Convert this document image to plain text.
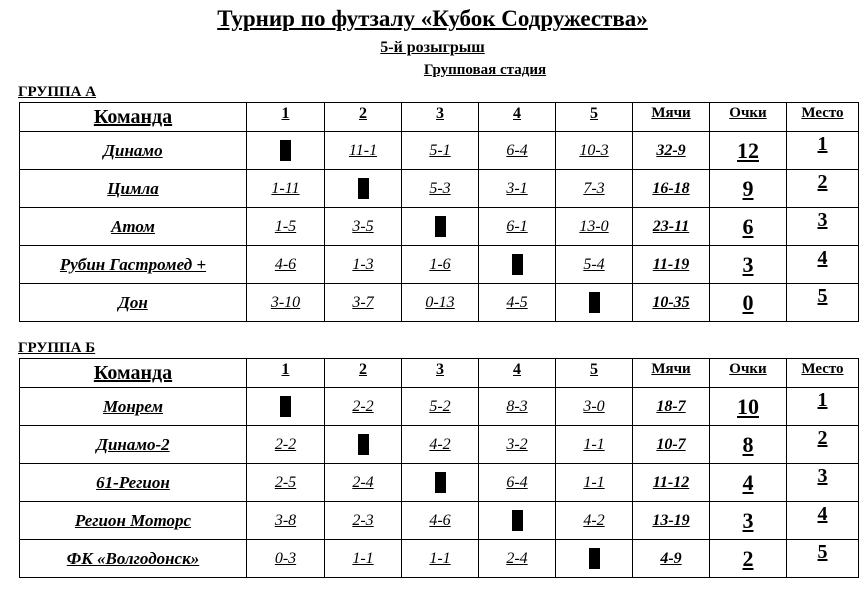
Турнир по футзалу «Кубок Содружества»
5-й розыгрыш
Групповая стадия
ГРУППА А
Команда	1	2	3	4	5	Мячи	Очки	Место
Динамо		11-1	5-1	6-4	10-3	32-9	12	1
Цимла	1-11		5-3	3-1	7-3	16-18	9	2
Атом	1-5	3-5		6-1	13-0	23-11	6	3
Рубин Гастромед +	4-6	1-3	1-6		5-4	11-19	3	4
Дон	3-10	3-7	0-13	4-5		10-35	0	5
ГРУППА Б
Команда	1	2	3	4	5	Мячи	Очки	Место
Монрем		2-2	5-2	8-3	3-0	18-7	10	1
Динамо-2	2-2		4-2	3-2	1-1	10-7	8	2
61-Регион	2-5	2-4		6-4	1-1	11-12	4	3
Регион Моторс	3-8	2-3	4-6		4-2	13-19	3	4
ФК «Волгодонск»	0-3	1-1	1-1	2-4		4-9	2	5
